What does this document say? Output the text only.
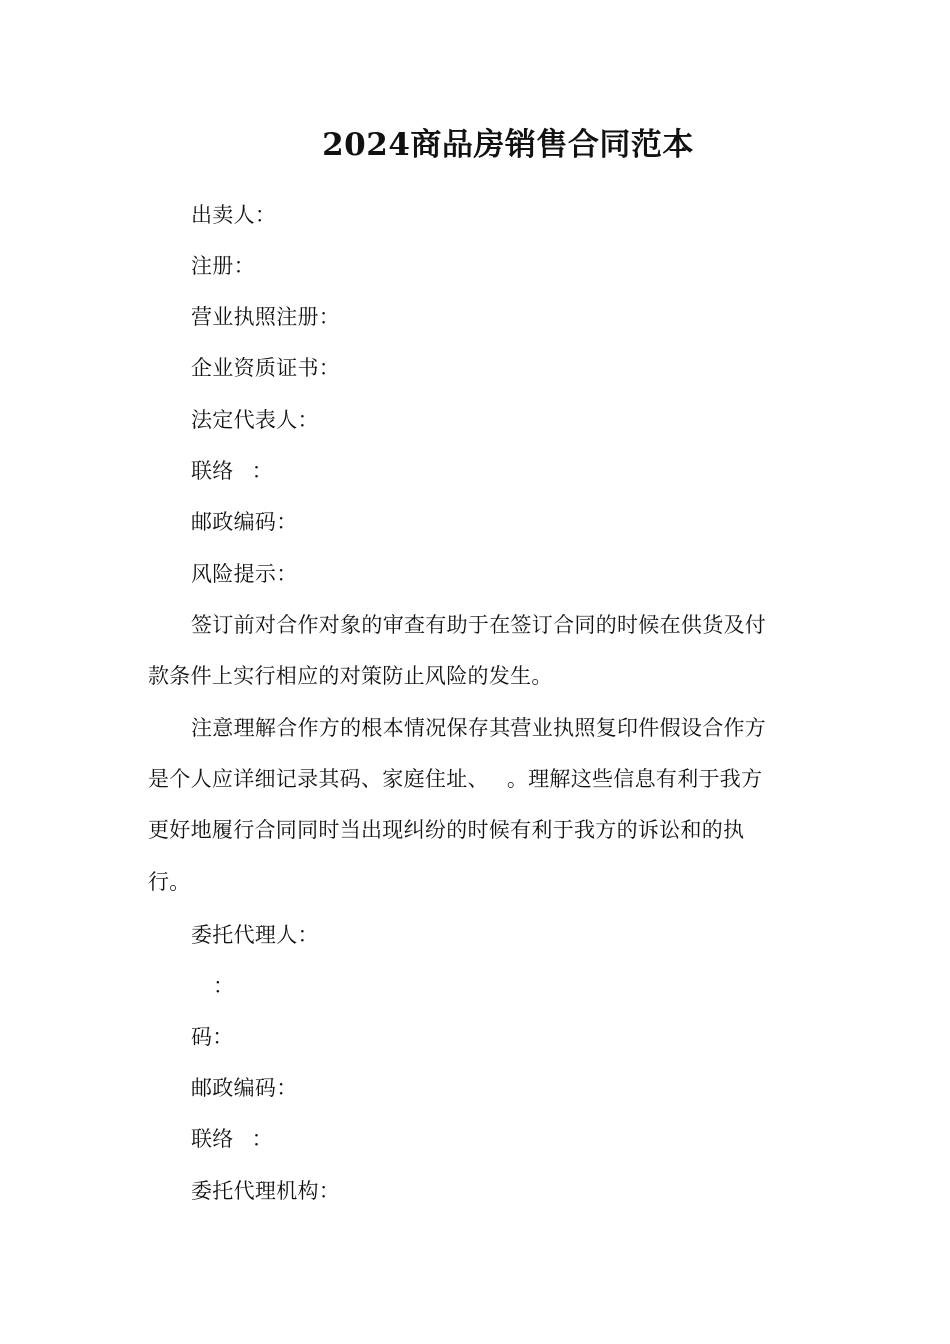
2024商品房销售合同范本
出卖人：
注册：
营业执照注册：
企业资质证书：
法定代表人：
联络 ：
邮政编码：
风险提示：
签订前对合作对象的审查有助于在签订合同的时候在供货及付
款条件上实行相应的对策防止风险的发生。
注意理解合作方的根本情况保存其营业执照复印件假设合作方
是个人应详细记录其码、家庭住址、 。理解这些信息有利于我方
更好地履行合同同时当出现纠纷的时候有利于我方的诉讼和的执
行。
委托代理人：
：
码：
邮政编码：
联络 ：
委托代理机构：
